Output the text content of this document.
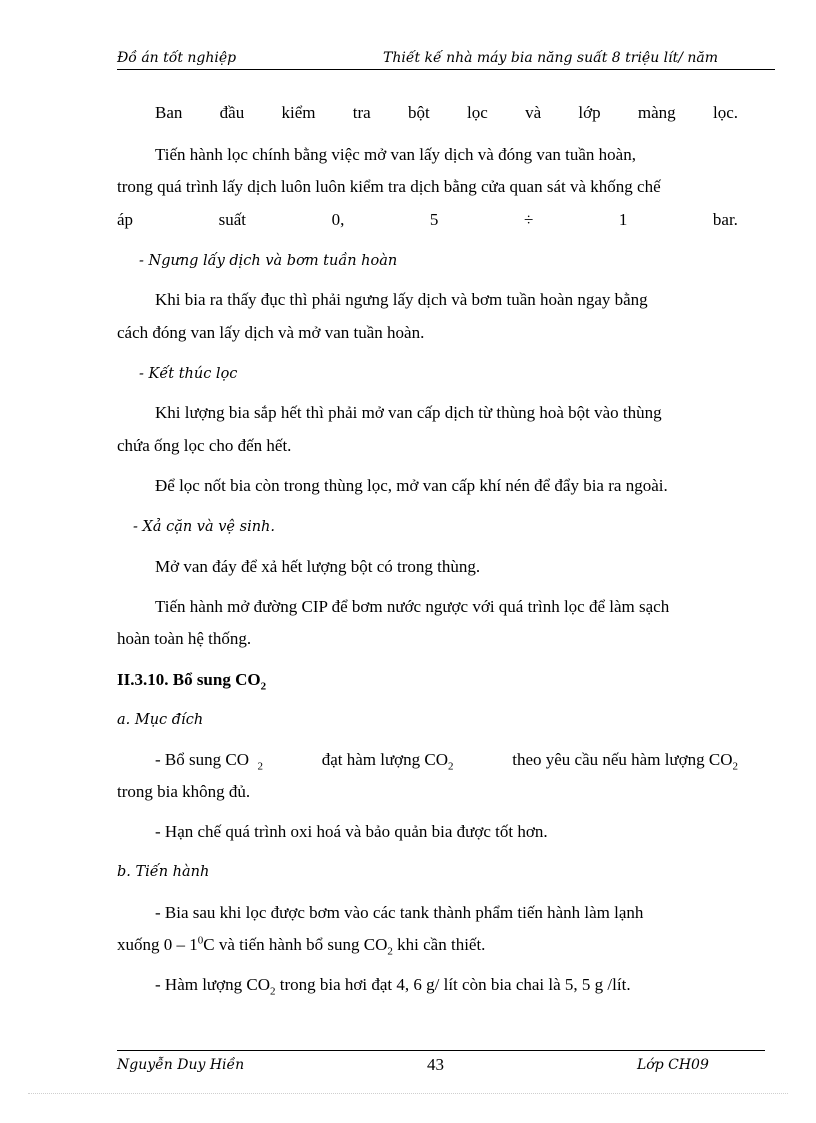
Đồ án tốt nghiệp	Thiết kế nhà máy bia năng suất 8 triệu lít/ năm
Ban đầu kiểm tra bột lọc và lớp màng lọc.
Tiến hành lọc chính bằng việc mở van lấy dịch và đóng van tuần hoàn,
trong quá trình lấy dịch luôn luôn kiểm tra dịch bằng cửa quan sát và khống chế
áp	suất	0,	5	÷	1	bar.
- Ngưng lấy dịch và bơm tuần hoàn
Khi bia ra thấy đục thì phải ngưng lấy dịch và bơm tuần hoàn ngay bằng
cách đóng van lấy dịch và mở van tuần hoàn.
- Kết thúc lọc
Khi lượng bia sắp hết thì phải mở van cấp dịch từ thùng hoà bột vào thùng
chứa ống lọc cho đến hết.
Để lọc nốt bia còn trong thùng lọc, mở van cấp khí nén để đẩy bia ra ngoài.
- Xả cặn và vệ sinh.
Mở van đáy để xả hết lượng bột có trong thùng.
Tiến hành mở đường CIP để bơm nước ngược với quá trình lọc để làm sạch
hoàn toàn hệ thống.
II.3.10. Bổ sung $CO_2$
a. Mục đích
- Bổ sung CO $_2$	đạt hàm lượng $CO_2$	theo yêu cầu nếu hàm lượng $CO_2$
trong bia không đủ.
- Hạn chế quá trình oxi hoá và bảo quản bia được tốt hơn.
b. Tiến hành
- Bia sau khi lọc được bơm vào các tank thành phẩm tiến hành làm lạnh
xuống $0 - 1^0C$ và tiến hành bổ sung $CO_2$ khi cần thiết.
- Hàm lượng $CO_2$ trong bia hơi đạt 4, 6 g/ lít còn bia chai là 5, 5 g /lít.
Nguyễn Duy Hiền	43	Lớp CH09
